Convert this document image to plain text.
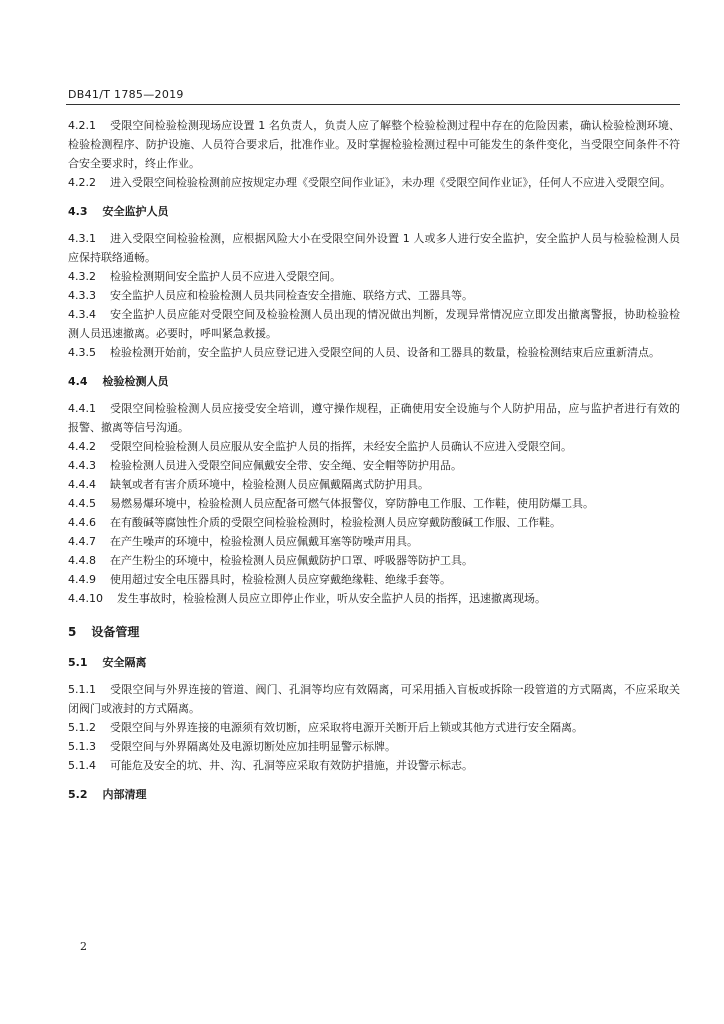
DB41/T 1785—2019

4.2.1 受限空间检验检测现场应设置 1 名负责人，负责人应了解整个检验检测过程中存在的危险因素，确认检验检测环境、检验检测程序、防护设施、人员符合要求后，批准作业。及时掌握检验检测过程中可能发生的条件变化，当受限空间条件不符合安全要求时，终止作业。

4.2.2 进入受限空间检验检测前应按规定办理《受限空间作业证》，未办理《受限空间作业证》，任何人不应进入受限空间。

4.3 安全监护人员

4.3.1 进入受限空间检验检测，应根据风险大小在受限空间外设置 1 人或多人进行安全监护，安全监护人员与检验检测人员应保持联络通畅。

4.3.2 检验检测期间安全监护人员不应进入受限空间。

4.3.3 安全监护人员应和检验检测人员共同检查安全措施、联络方式、工器具等。

4.3.4 安全监护人员应能对受限空间及检验检测人员出现的情况做出判断，发现异常情况应立即发出撤离警报，协助检验检测人员迅速撤离。必要时，呼叫紧急救援。

4.3.5 检验检测开始前，安全监护人员应登记进入受限空间的人员、设备和工器具的数量，检验检测结束后应重新清点。

4.4 检验检测人员

4.4.1 受限空间检验检测人员应接受安全培训，遵守操作规程，正确使用安全设施与个人防护用品，应与监护者进行有效的报警、撤离等信号沟通。

4.4.2 受限空间检验检测人员应服从安全监护人员的指挥，未经安全监护人员确认不应进入受限空间。

4.4.3 检验检测人员进入受限空间应佩戴安全带、安全绳、安全帽等防护用品。

4.4.4 缺氧或者有害介质环境中，检验检测人员应佩戴隔离式防护用具。

4.4.5 易燃易爆环境中，检验检测人员应配备可燃气体报警仪，穿防静电工作服、工作鞋，使用防爆工具。

4.4.6 在有酸碱等腐蚀性介质的受限空间检验检测时，检验检测人员应穿戴防酸碱工作服、工作鞋。

4.4.7 在产生噪声的环境中，检验检测人员应佩戴耳塞等防噪声用具。

4.4.8 在产生粉尘的环境中，检验检测人员应佩戴防护口罩、呼吸器等防护工具。

4.4.9 使用超过安全电压器具时，检验检测人员应穿戴绝缘鞋、绝缘手套等。

4.4.10 发生事故时，检验检测人员应立即停止作业，听从安全监护人员的指挥，迅速撤离现场。

5 设备管理
5.1 安全隔离

5.1.1 受限空间与外界连接的管道、阀门、孔洞等均应有效隔离，可采用插入盲板或拆除一段管道的方式隔离，不应采取关闭阀门或液封的方式隔离。

5.1.2 受限空间与外界连接的电源须有效切断，应采取将电源开关断开后上锁或其他方式进行安全隔离。

5.1.3 受限空间与外界隔离处及电源切断处应加挂明显警示标牌。

5.1.4 可能危及安全的坑、井、沟、孔洞等应采取有效防护措施，并设警示标志。

5.2 内部清理
2
